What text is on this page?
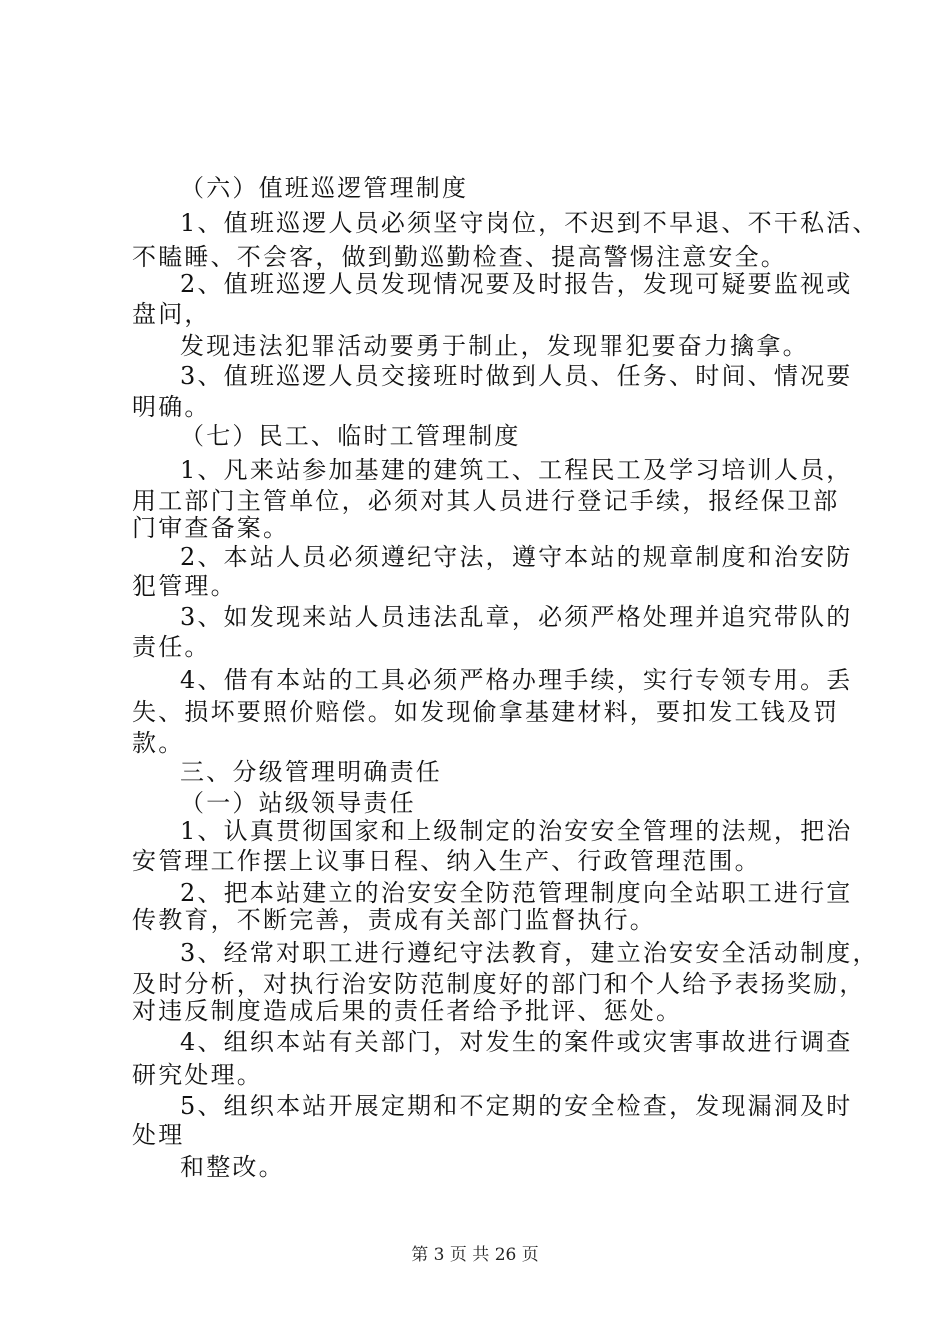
（六）值班巡逻管理制度
1、值班巡逻人员必须坚守岗位，不迟到不早退、不干私活、
不瞌睡、不会客，做到勤巡勤检查、提高警惕注意安全。
2、值班巡逻人员发现情况要及时报告，发现可疑要监视或
盘问，
发现违法犯罪活动要勇于制止，发现罪犯要奋力擒拿。
3、值班巡逻人员交接班时做到人员、任务、时间、情况要
明确。
（七）民工、临时工管理制度
1、凡来站参加基建的建筑工、工程民工及学习培训人员，
用工部门主管单位，必须对其人员进行登记手续，报经保卫部
门审查备案。
2、本站人员必须遵纪守法，遵守本站的规章制度和治安防
犯管理。
3、如发现来站人员违法乱章，必须严格处理并追究带队的
责任。
4、借有本站的工具必须严格办理手续，实行专领专用。丢
失、损坏要照价赔偿。如发现偷拿基建材料，要扣发工钱及罚
款。
三、分级管理明确责任
（一）站级领导责任
1、认真贯彻国家和上级制定的治安安全管理的法规，把治
安管理工作摆上议事日程、纳入生产、行政管理范围。
2、把本站建立的治安安全防范管理制度向全站职工进行宣
传教育，不断完善，责成有关部门监督执行。
3、经常对职工进行遵纪守法教育，建立治安安全活动制度，
及时分析，对执行治安防范制度好的部门和个人给予表扬奖励，
对违反制度造成后果的责任者给予批评、惩处。
4、组织本站有关部门，对发生的案件或灾害事故进行调查
研究处理。
5、组织本站开展定期和不定期的安全检查，发现漏洞及时
处理
和整改。
第 3 页 共 26 页
